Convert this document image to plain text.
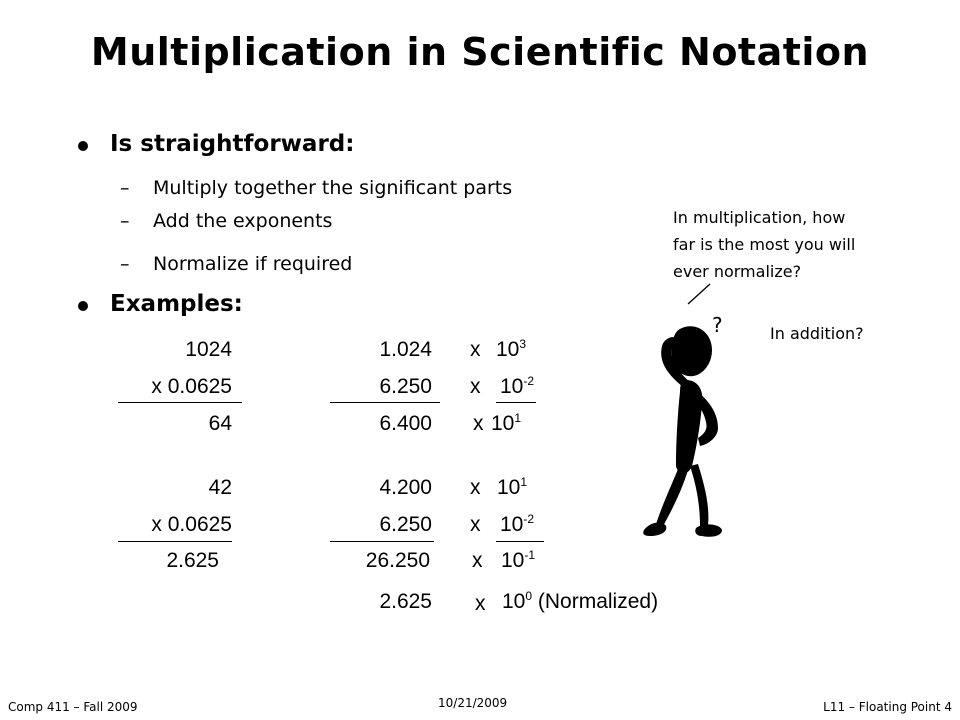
Multiplication in Scientific Notation
Is straightforward:
– Multiply together the significant parts
– Add the exponents
– Normalize if required
Examples:
1024
x 0.0625
64
1.024 x $10^3$
6.250 x $10^{-2}$
6.400 x $10^1$
42
x 0.0625
2.625
4.200 x $10^1$
6.250 x $10^{-2}$
26.250 x $10^{-1}$
2.625 x $10^0$ (Normalized)
In multiplication, how
far is the most you will
ever normalize?
In addition?
?
Comp 411 – Fall 2009	10/21/2009	L11 – Floating Point 4
